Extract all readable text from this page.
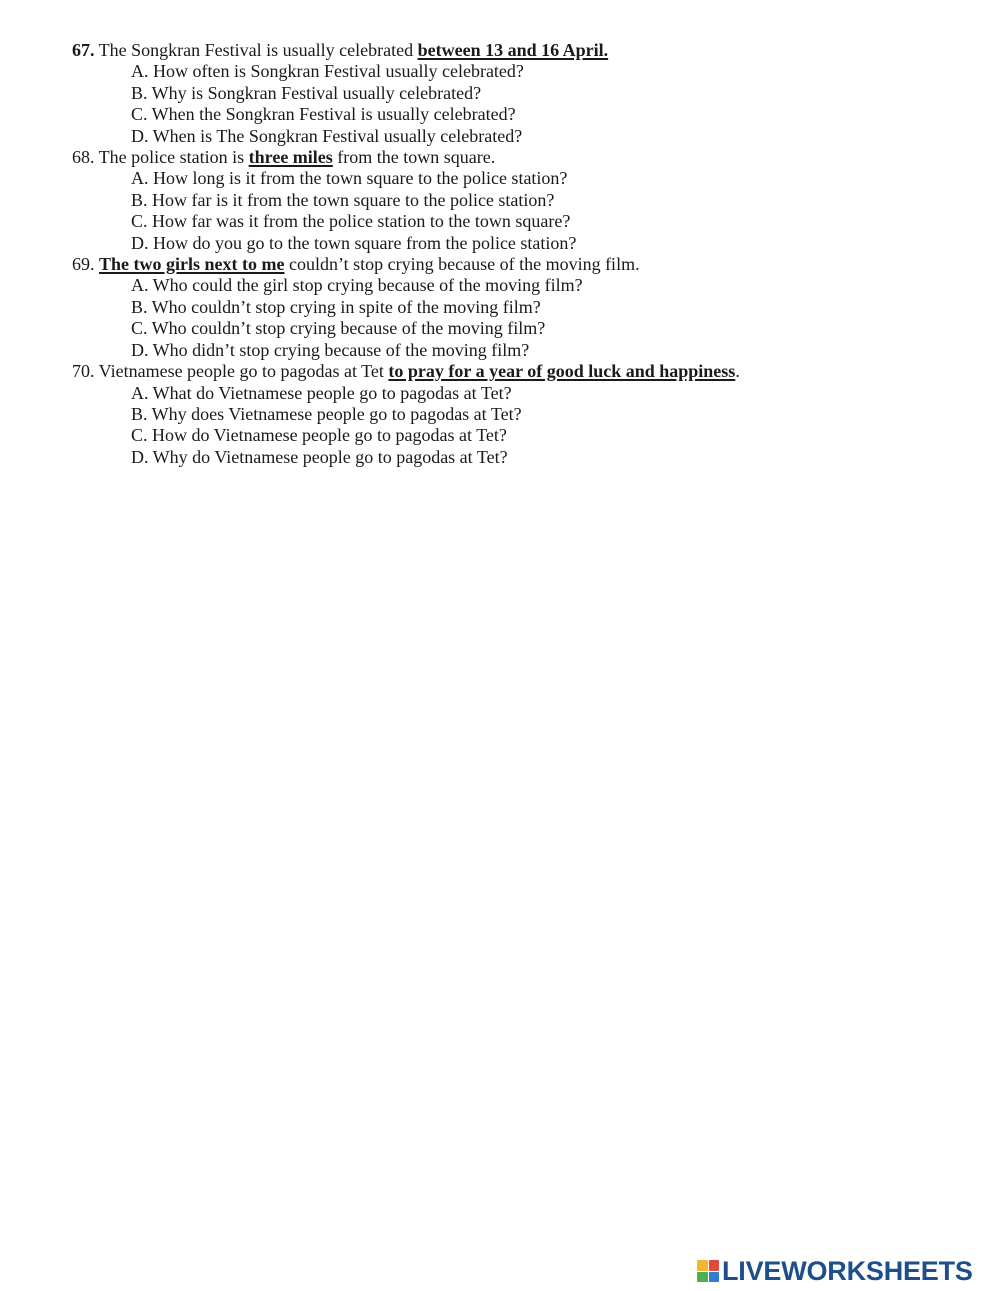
67. The Songkran Festival is usually celebrated between 13 and 16 April.
A. How often is Songkran Festival usually celebrated?
B. Why is Songkran Festival usually celebrated?
C. When the Songkran Festival is usually celebrated?
D. When is The Songkran Festival usually celebrated?
68. The police station is three miles from the town square.
A. How long is it from the town square to the police station?
B. How far is it from the town square to the police station?
C. How far was it from the police station to the town square?
D. How do you go to the town square from the police station?
69. The two girls next to me couldn’t stop crying because of the moving film.
A. Who could the girl stop crying because of the moving film?
B. Who couldn’t stop crying in spite of the moving film?
C. Who couldn’t stop crying because of the moving film?
D. Who didn’t stop crying because of the moving film?
70. Vietnamese people go to pagodas at Tet to pray for a year of good luck and happiness.
A. What do Vietnamese people go to pagodas at Tet?
B. Why does Vietnamese people go to pagodas at Tet?
C. How do Vietnamese people go to pagodas at Tet?
D. Why do Vietnamese people go to pagodas at Tet?
LIVEWORKSHEETS
